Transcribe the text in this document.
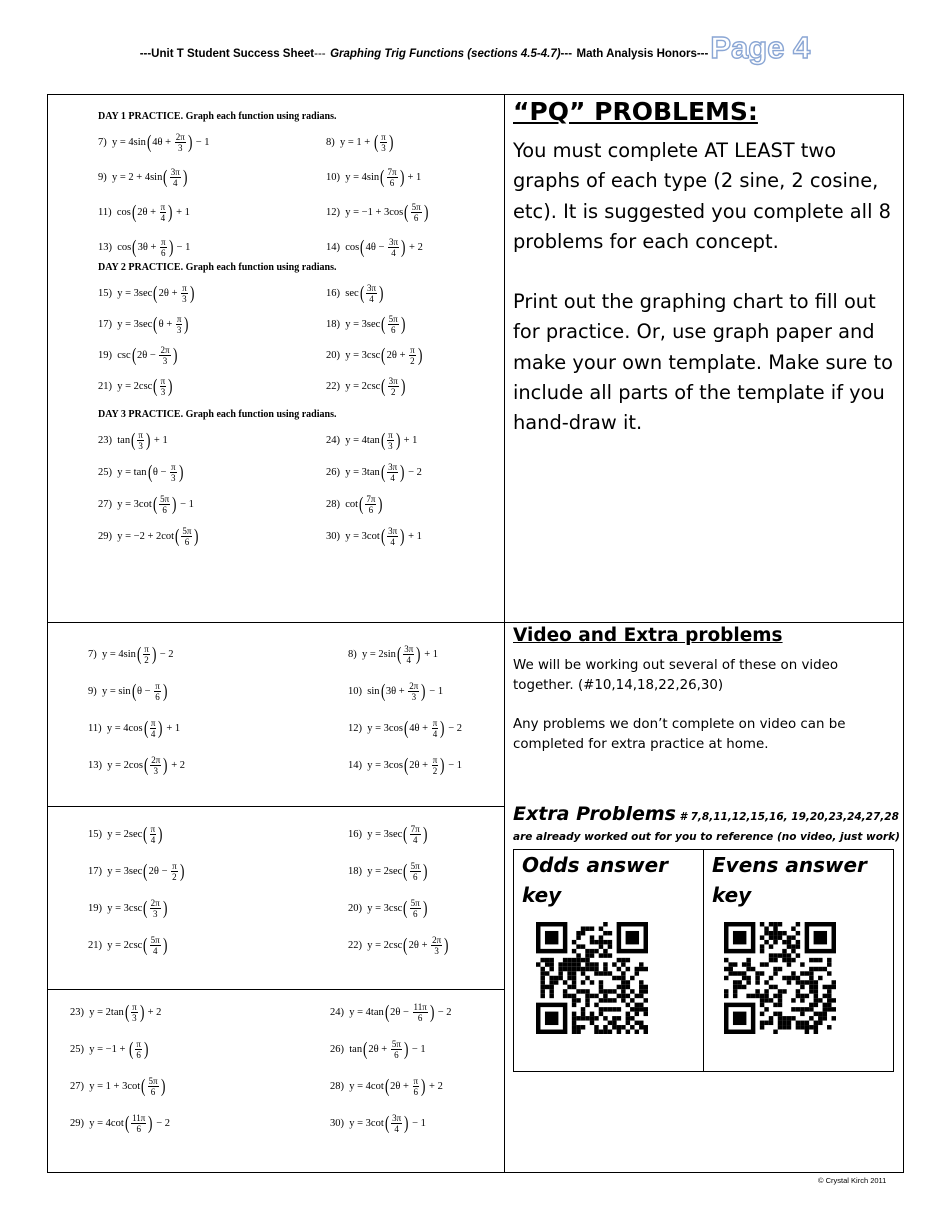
---Unit T Student Success Sheet--- Graphing Trig Functions (sections 4.5-4.7)--- Math Analysis Honors---Page 4
DAY 1 PRACTICE. Graph each function using radians.
7) $y = 4\sin(4\theta + \frac{2\pi}{3}$ ) − 1	8) y = 1 + ( $\frac{\pi}{3}$ )
9) $y = 2 + 4\sin( \frac{3\pi}{4}$ )	10) $y = 4\sin( \frac{7\pi}{6}$ ) + 1
11) $\cos(2\theta + \frac{\pi}{4}$ ) + 1	12) $y = -1 + 3\cos( \frac{5\pi}{6}$ )
13) $\cos(3\theta + \frac{\pi}{6}$ ) − 1	14) $\cos(4\theta - \frac{3\pi}{4}$ ) + 2
DAY 2 PRACTICE. Graph each function using radians.
15) $y = 3\sec(2\theta + \frac{\pi}{3}$ )	16) $\sec( \frac{3\pi}{4}$ )
17) $y = 3\sec(\theta + \frac{\pi}{3}$ )	18) $y = 3\sec( \frac{5\pi}{6}$ )
19) $\csc(2\theta - \frac{2\pi}{3}$ )	20) $y = 3\csc(2\theta + \frac{\pi}{2}$ )
21) $y = 2\csc( \frac{\pi}{3}$ )	22) $y = 2\csc( \frac{3\pi}{2}$ )
DAY 3 PRACTICE. Graph each function using radians.
23) $\tan( \frac{\pi}{3}$ ) + 1	24) $y = 4\tan( \frac{\pi}{3}$ ) + 1
25) $y = \tan(\theta - \frac{\pi}{3}$ )	26) $y = 3\tan( \frac{3\pi}{4}$ ) − 2
27) $y = 3\cot( \frac{5\pi}{6}$ ) − 1	28) $\cot( \frac{7\pi}{6}$ )
29) $y = -2 + 2\cot( \frac{5\pi}{6}$ )	30) $y = 3\cot( \frac{3\pi}{4}$ ) + 1
“PQ” PROBLEMS:

You must complete AT LEAST two graphs of each type (2 sine, 2 cosine, etc). It is suggested you complete all 8 problems for each concept.

Print out the graphing chart to fill out for practice. Or, use graph paper and make your own template. Make sure to include all parts of the template if you hand-draw it.

7) $y = 4\sin( \frac{\pi}{2}$ ) − 2	8) $y = 2\sin( \frac{3\pi}{4}$ ) + 1
9) $y = \sin(\theta - \frac{\pi}{6}$ )	10) $\sin(3\theta + \frac{2\pi}{3}$ ) − 1
11) $y = 4\cos( \frac{\pi}{4}$ ) + 1	12) $y = 3\cos(4\theta + \frac{\pi}{4}$ ) − 2
13) $y = 2\cos( \frac{2\pi}{3}$ ) + 2	14) $y = 3\cos(2\theta + \frac{\pi}{2}$ ) − 1
15) $y = 2\sec( \frac{\pi}{4}$ )	16) $y = 3\sec( \frac{7\pi}{4}$ )
17) $y = 3\sec(2\theta - \frac{\pi}{2}$ )	18) $y = 2\sec( \frac{5\pi}{6}$ )
19) $y = 3\csc( \frac{2\pi}{3}$ )	20) $y = 3\csc( \frac{5\pi}{6}$ )
21) $y = 2\csc( \frac{5\pi}{4}$ )	22) $y = 2\csc(2\theta + \frac{2\pi}{3}$ )
23) $y = 2\tan( \frac{\pi}{3}$ ) + 2	24) $y = 4\tan(2\theta - \frac{11\pi}{6}$ ) − 2
25) y = −1 + ( $\frac{\pi}{6}$ )	26) $\tan(2\theta + \frac{5\pi}{6}$ ) − 1
27) $y = 1 + 3\cot( \frac{5\pi}{6}$ )	28) $y = 4\cot(2\theta + \frac{\pi}{6}$ ) + 2
29) $y = 4\cot( \frac{11\pi}{6}$ ) − 2	30) $y = 3\cot( \frac{3\pi}{4}$ ) − 1
Video and Extra problems

We will be working out several of these on video together. (#10,14,18,22,26,30)

Any problems we don’t complete on video can be completed for extra practice at home.

Extra Problems # 7,8,11,12,15,16, 19,20,23,24,27,28
are already worked out for you to reference (no video, just work)
Odds answer key
Evens answer key
© Crystal Kirch 2011
